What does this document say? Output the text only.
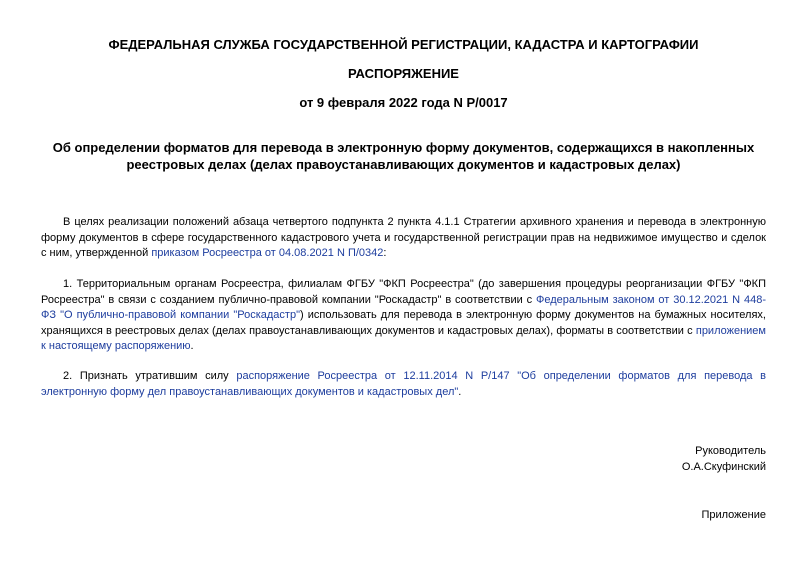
ФЕДЕРАЛЬНАЯ СЛУЖБА ГОСУДАРСТВЕННОЙ РЕГИСТРАЦИИ, КАДАСТРА И КАРТОГРАФИИ
РАСПОРЯЖЕНИЕ
от 9 февраля 2022 года N Р/0017
Об определении форматов для перевода в электронную форму документов, содержащихся в накопленных реестровых делах (делах правоустанавливающих документов и кадастровых делах)
В целях реализации положений абзаца четвертого подпункта 2 пункта 4.1.1 Стратегии архивного хранения и перевода в электронную форму документов в сфере государственного кадастрового учета и государственной регистрации прав на недвижимое имущество и сделок с ним, утвержденной приказом Росреестра от 04.08.2021 N П/0342:
1. Территориальным органам Росреестра, филиалам ФГБУ "ФКП Росреестра" (до завершения процедуры реорганизации ФГБУ "ФКП Росреестра" в связи с созданием публично-правовой компании "Роскадастр" в соответствии с Федеральным законом от 30.12.2021 N 448-ФЗ "О публично-правовой компании "Роскадастр") использовать для перевода в электронную форму документов на бумажных носителях, хранящихся в реестровых делах (делах правоустанавливающих документов и кадастровых делах), форматы в соответствии с приложением к настоящему распоряжению.
2. Признать утратившим силу распоряжение Росреестра от 12.11.2014 N Р/147 "Об определении форматов для перевода в электронную форму дел правоустанавливающих документов и кадастровых дел".
Руководитель
О.А.Скуфинский
Приложение
